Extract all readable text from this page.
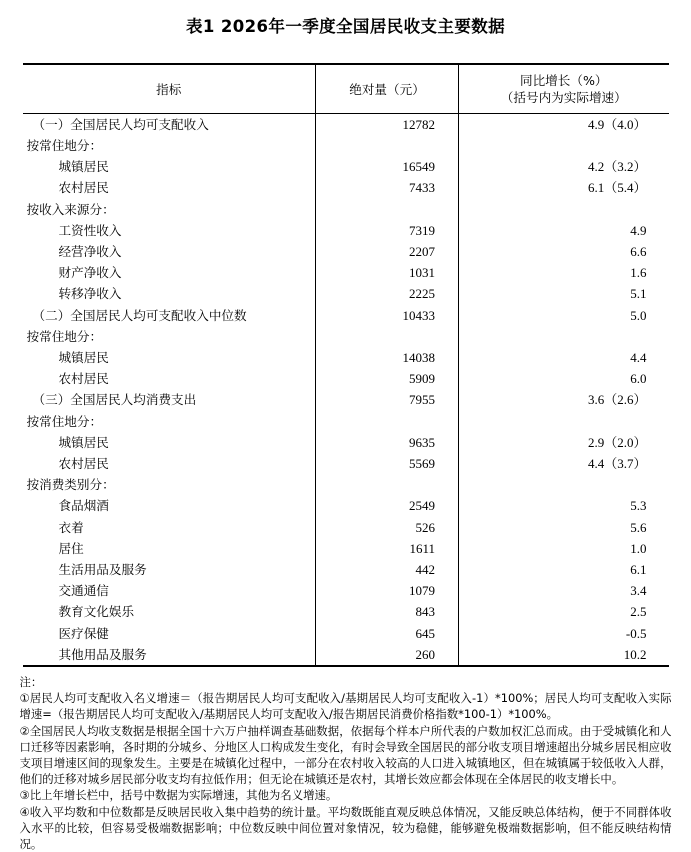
表1 2026年一季度全国居民收支主要数据
指标	绝对量（元）	同比增长（%）
（括号内为实际增速）

（一）全国居民人均可支配收入	12782	4.9（4.0）
按常住地分：		
城镇居民	16549	4.2（3.2）
农村居民	7433	6.1（5.4）
按收入来源分：		
工资性收入	7319	4.9
经营净收入	2207	6.6
财产净收入	1031	1.6
转移净收入	2225	5.1
（二）全国居民人均可支配收入中位数	10433	5.0
按常住地分：		
城镇居民	14038	4.4
农村居民	5909	6.0
（三）全国居民人均消费支出	7955	3.6（2.6）
按常住地分：		
城镇居民	9635	2.9（2.0）
农村居民	5569	4.4（3.7）
按消费类别分：		
食品烟酒	2549	5.3
衣着	526	5.6
居住	1611	1.0
生活用品及服务	442	6.1
交通通信	1079	3.4
教育文化娱乐	843	2.5
医疗保健	645	-0.5
其他用品及服务	260	10.2

注：

①居民人均可支配收入名义增速＝（报告期居民人均可支配收入/基期居民人均可支配收入-1）*100%；居民人均可支配收入实际增速=（报告期居民人均可支配收入/基期居民人均可支配收入/报告期居民消费价格指数*100-1）*100%。

②全国居民人均收支数据是根据全国十六万户抽样调查基础数据，依据每个样本户所代表的户数加权汇总而成。由于受城镇化和人口迁移等因素影响，各时期的分城乡、分地区人口构成发生变化，有时会导致全国居民的部分收支项目增速超出分城乡居民相应收支项目增速区间的现象发生。主要是在城镇化过程中，一部分在农村收入较高的人口进入城镇地区，但在城镇属于较低收入人群，他们的迁移对城乡居民部分收支均有拉低作用；但无论在城镇还是农村，其增长效应都会体现在全体居民的收支增长中。

③比上年增长栏中，括号中数据为实际增速，其他为名义增速。

④收入平均数和中位数都是反映居民收入集中趋势的统计量。平均数既能直观反映总体情况，又能反映总体结构，便于不同群体收入水平的比较，但容易受极端数据影响；中位数反映中间位置对象情况，较为稳健，能够避免极端数据影响，但不能反映结构情况。
